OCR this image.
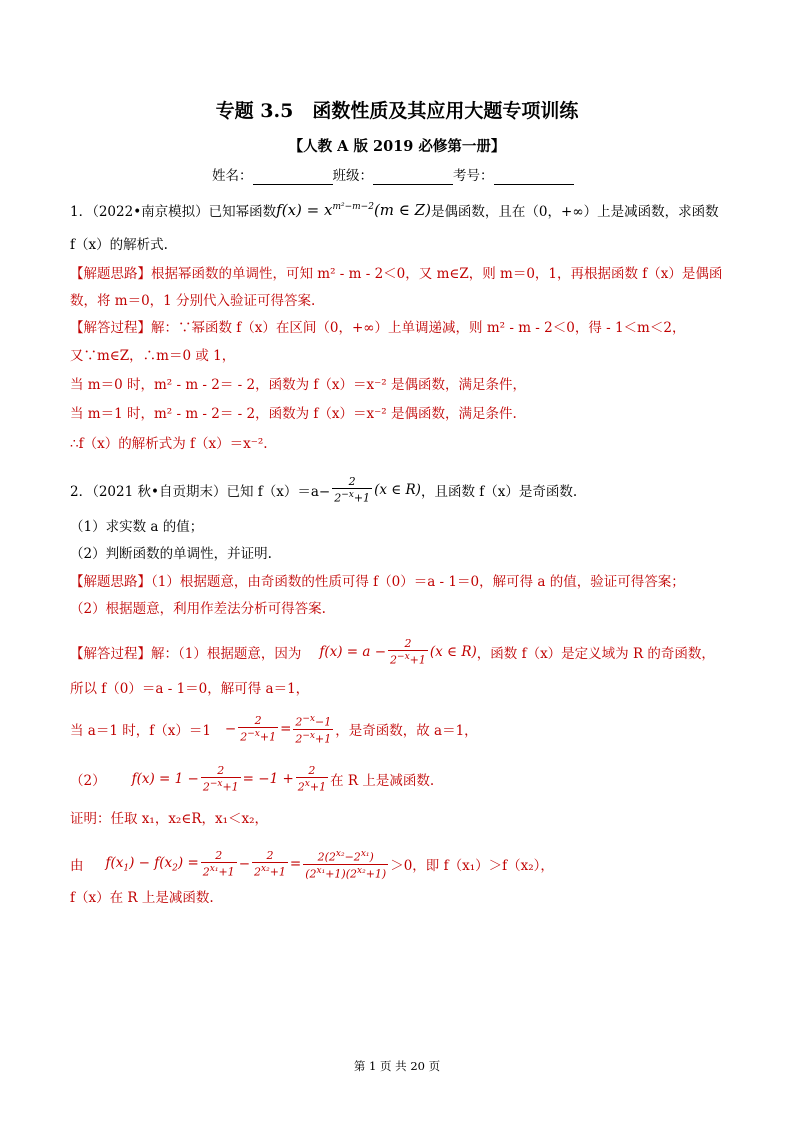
专题 3.5　函数性质及其应用大题专项训练
【人教 A 版 2019 必修第一册】
姓名：	班级：	考号：
1．（2022•南京模拟）已知幂函数 $f(x) = x^{m^2-m-2}(m$ ∈ Z) 是偶函数，且在（0，+∞）上是减函数，求函数
f（x）的解析式.
【解题思路】根据幂函数的单调性，可知 m² - m - 2＜0，又 m∈Z，则 m＝0，1，再根据函数 f（x）是偶函
数，将 m＝0，1 分别代入验证可得答案.
【解答过程】解：∵幂函数 f（x）在区间（0，+∞）上单调递减，则 m² - m - 2＜0，得 - 1＜m＜2，
又∵m∈Z，∴m＝0 或 1，
当 m＝0 时，m² - m - 2＝ - 2，函数为 f（x）＝x⁻² 是偶函数，满足条件，
当 m＝1 时，m² - m - 2＝ - 2，函数为 f（x）＝x⁻² 是偶函数，满足条件.
∴f（x）的解析式为 f（x）＝x⁻².
2．（2021 秋•自贡期末）已知 $f(x)=a- \frac{2}{2^{-x}+1} (x$ ∈ R) ，且函数 f（x）是奇函数.
（1）求实数 a 的值；
（2）判断函数的单调性，并证明.
【解题思路】（1）根据题意，由奇函数的性质可得 f（0）＝a - 1＝0，解可得 a 的值，验证可得答案；
（2）根据题意，利用作差法分析可得答案.
【解答过程】 解：（1）根据题意，因为 $f(x) = a - \frac{2}{2^{-x}+1} (x$ ∈ R) ，函数 f（x）是定义域为 R 的奇函数，
所以 f（0）＝a - 1＝0，解可得 a＝1，
当 a＝1 时，$f(x)=1 - \frac{2}{2^{-x}+1} = \frac{2^{-x}-1}{2^{-x}+1}$ ，是奇函数，故 a＝1，
（2） $f(x) = 1 - \frac{2}{2^{-x}+1} = -1 + \frac{2}{2^x+1}$ 在 R 上是减函数.
证明：任取 x₁，x₂∈R，x₁＜x₂，
由 $f(x_1) - f(x_2) = \frac{2}{2^{x_1}+1} - \frac{2}{2^{x_2}+1} = \frac{2(2^{x_2}-2^{x_1})}{(2^{x_1}+1)(2^{x_2}+1)} >0$，即 f（x₁）＞f（x₂），
f（x）在 R 上是减函数.
第 1 页 共 20 页
